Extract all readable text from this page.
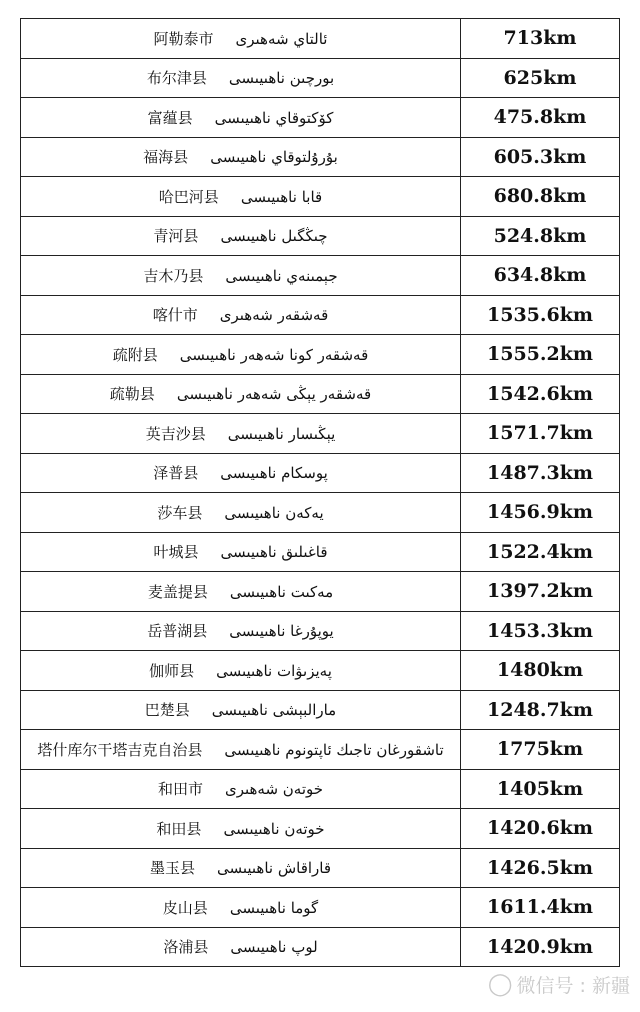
阿勒泰市 ئالتاي شەھىرى	713km
布尔津县 بورچىن ناھىيىسى	625km
富蕴县 كۆكتوقاي ناھىيىسى	475.8km
福海县 بۇرۇلتوقاي ناھىيىسى	605.3km
哈巴河县 قابا ناھىيىسى	680.8km
青河县 چىڭگىل ناھىيىسى	524.8km
吉木乃县 جېمىنەي ناھىيىسى	634.8km
喀什市 قەشقەر شەھىرى	1535.6km
疏附县 قەشقەر كونا شەھەر ناھىيىسى	1555.2km
疏勒县 قەشقەر يېڭى شەھەر ناھىيىسى	1542.6km
英吉沙县 يېڭىسار ناھىيىسى	1571.7km
泽普县 پوسكام ناھىيىسى	1487.3km
莎车县 يەكەن ناھىيىسى	1456.9km
叶城县 قاغىلىق ناھىيىسى	1522.4km
麦盖提县 مەكىت ناھىيىسى	1397.2km
岳普湖县 يوپۇرغا ناھىيىسى	1453.3km
伽师县 پەيزىۋات ناھىيىسى	1480km
巴楚县 مارالبېشى ناھىيىسى	1248.7km
塔什库尔干塔吉克自治县 تاشقورغان تاجىك ئاپتونوم ناھىيىسى	1775km
和田市 خوتەن شەھىرى	1405km
和田县 خوتەن ناھىيىسى	1420.6km
墨玉县 قاراقاش ناھىيىسى	1426.5km
皮山县 گوما ناھىيىسى	1611.4km
洛浦县 لوپ ناھىيىسى	1420.9km
◯ 微信号 : 新疆
